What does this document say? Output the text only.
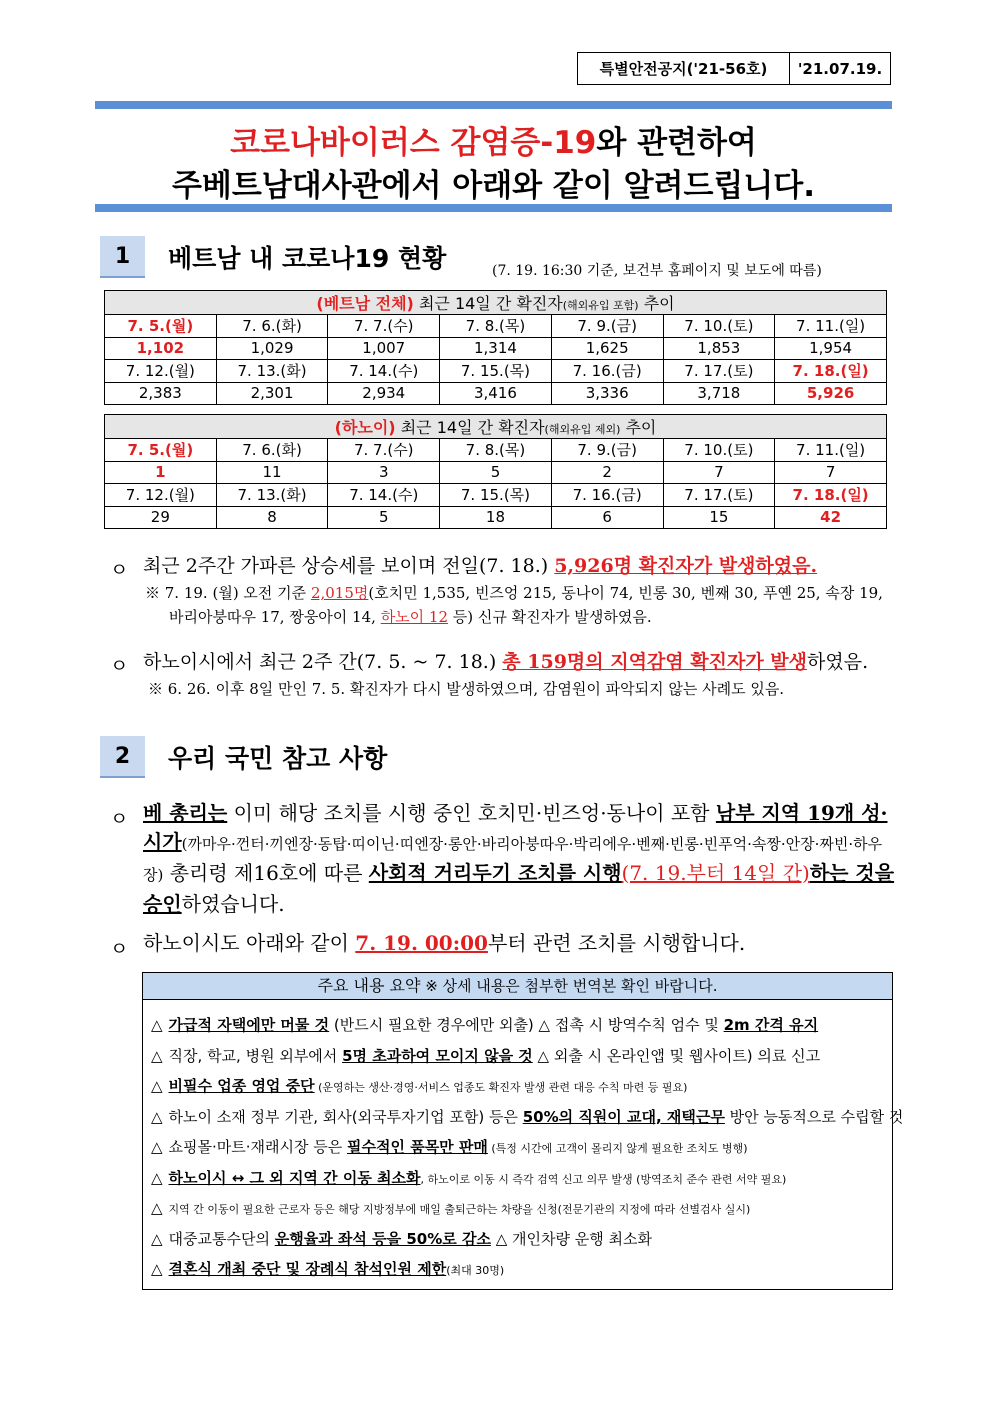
특별안전공지('21-56호)	'21.07.19.
코로나바이러스 감염증-19와 관련하여
주베트남대사관에서 아래와 같이 알려드립니다.
1	베트남 내 코로나19 현황	(7. 19. 16:30 기준, 보건부 홈페이지 및 보도에 따름)
(베트남 전체) 최근 14일 간 확진자(해외유입 포함) 추이						
7. 5.(월)	7. 6.(화)	7. 7.(수)	7. 8.(목)	7. 9.(금)	7. 10.(토)	7. 11.(일)
1,102	1,029	1,007	1,314	1,625	1,853	1,954
7. 12.(월)	7. 13.(화)	7. 14.(수)	7. 15.(목)	7. 16.(금)	7. 17.(토)	7. 18.(일)
2,383	2,301	2,934	3,416	3,336	3,718	5,926
(하노이) 최근 14일 간 확진자(해외유입 제외) 추이						
7. 5.(월)	7. 6.(화)	7. 7.(수)	7. 8.(목)	7. 9.(금)	7. 10.(토)	7. 11.(일)
1	11	3	5	2	7	7
7. 12.(월)	7. 13.(화)	7. 14.(수)	7. 15.(목)	7. 16.(금)	7. 17.(토)	7. 18.(일)
29	8	5	18	6	15	42
ㅇ 최근 2주간 가파른 상승세를 보이며 전일(7. 18.) 5,926명 확진자가 발생하였음.
※ 7. 19. (월) 오전 기준 2,015명(호치민 1,535, 빈즈엉 215, 동나이 74, 빈롱 30, 벤째 30, 푸옌 25, 속장 19,
바리아붕따우 17, 짱웅아이 14, 하노이 12 등) 신규 확진자가 발생하였음.
ㅇ 하노이시에서 최근 2주 간(7. 5. ~ 7. 18.) 총 159명의 지역감염 확진자가 발생하였음.
※ 6. 26. 이후 8일 만인 7. 5. 확진자가 다시 발생하였으며, 감염원이 파악되지 않는 사례도 있음.
2	우리 국민 참고 사항
ㅇ 베 총리는 이미 해당 조치를 시행 중인 호치민·빈즈엉·동나이 포함 남부 지역 19개 성·시가(까마우·껀터·끼엔장·동탑·띠이닌·띠엔장·롱안·바리아붕따우·박리에우·벤째·빈롱·빈푸억·속짱·안장·짜빈·하우장) 총리령 제16호에 따른 사회적 거리두기 조치를 시행(7. 19.부터 14일 간)하는 것을 승인하였습니다.
ㅇ 하노이시도 아래와 같이 7. 19. 00:00부터 관련 조치를 시행합니다.
주요 내용 요약 ※ 상세 내용은 첨부한 번역본 확인 바랍니다.
△ 가급적 자택에만 머물 것 (반드시 필요한 경우에만 외출) △ 접촉 시 방역수칙 엄수 및 2m 간격 유지
△ 직장, 학교, 병원 외부에서 5명 초과하여 모이지 않을 것 △ 외출 시 온라인앱 및 웹사이트) 의료 신고
△ 비필수 업종 영업 중단 (운영하는 생산·경영·서비스 업종도 확진자 발생 관련 대응 수칙 마련 등 필요)
△ 하노이 소재 정부 기관, 회사(외국투자기업 포함) 등은 50%의 직원이 교대, 재택근무 방안 능동적으로 수립할 것
△ 쇼핑몰·마트·재래시장 등은 필수적인 품목만 판매 (특정 시간에 고객이 몰리지 않게 필요한 조치도 병행)
△ 하노이시 ↔ 그 외 지역 간 이동 최소화, 하노이로 이동 시 즉각 검역 신고 의무 발생 (방역조치 준수 관련 서약 필요)
△ 지역 간 이동이 필요한 근로자 등은 해당 지방정부에 매일 출퇴근하는 차량을 신청(전문기관의 지정에 따라 선별검사 실시)
△ 대중교통수단의 운행율과 좌석 등을 50%로 감소 △ 개인차량 운행 최소화
△ 결혼식 개최 중단 및 장례식 참석인원 제한(최대 30명)
